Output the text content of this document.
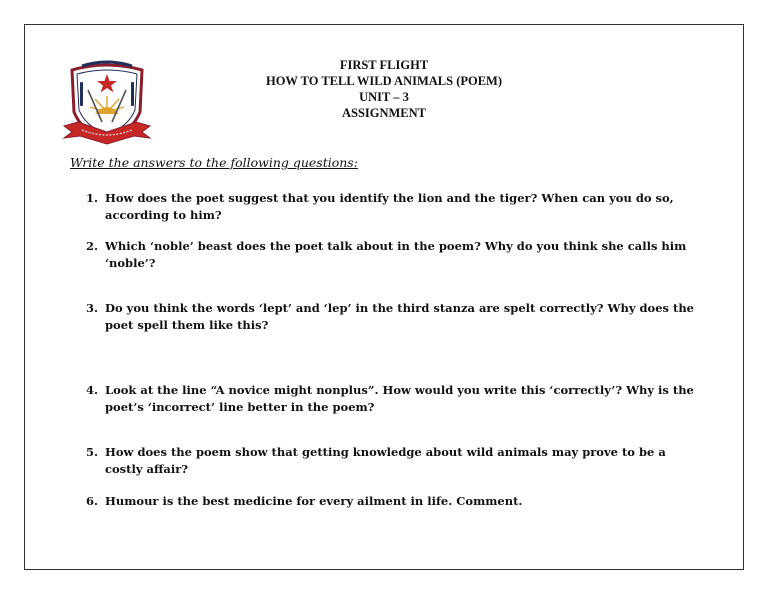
FIRST FLIGHT
HOW TO TELL WILD ANIMALS (POEM)
UNIT – 3
ASSIGNMENT
Write the answers to the following questions:
1. How does the poet suggest that you identify the lion and the tiger? When can you do so, according to him?
2. Which ‘noble’ beast does the poet talk about in the poem? Why do you think she calls him ‘noble’?
3. Do you think the words ‘lept’ and ‘lep’ in the third stanza are spelt correctly? Why does the poet spell them like this?
4. Look at the line “A novice might nonplus”. How would you write this ‘correctly’? Why is the poet’s ‘incorrect’ line better in the poem?
5. How does the poem show that getting knowledge about wild animals may prove to be a costly affair?
6. Humour is the best medicine for every ailment in life. Comment.
